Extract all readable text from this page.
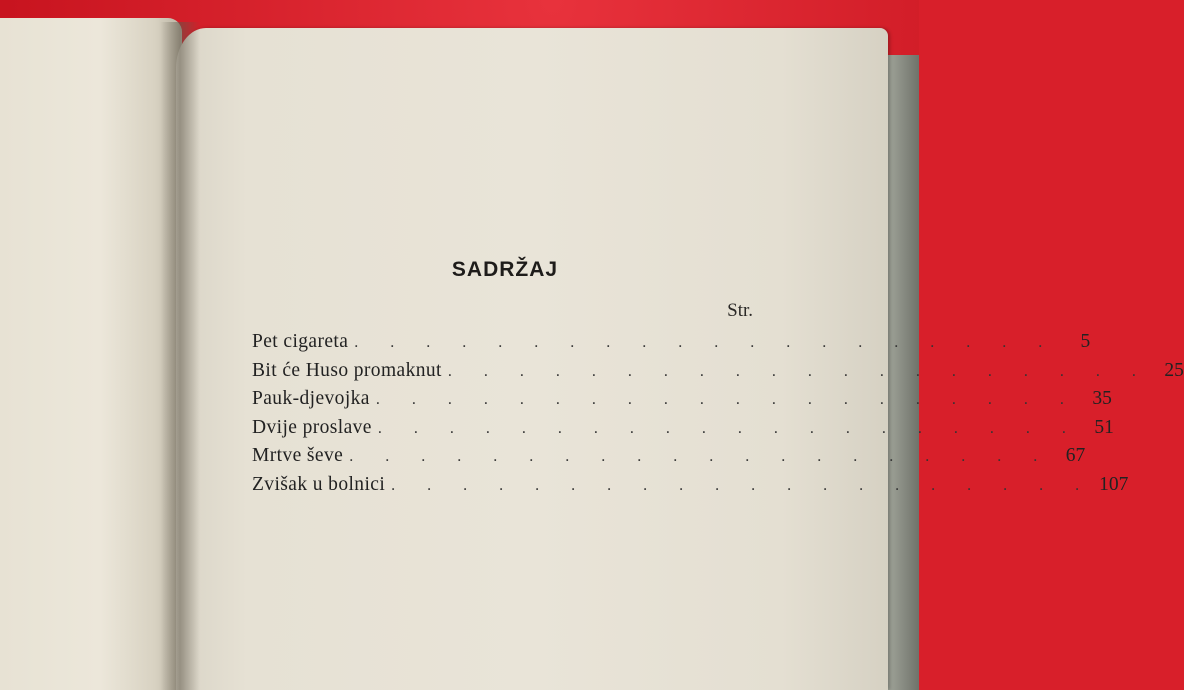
SADRŽAJ
Str.
Pet cigareta . . . . . . . . . . . . . . . . . . . .	5
Bit će Huso promaknut . . . . . . . . . . . . . . . . . . . . 25
Pauk-djevojka . . . . . . . . . . . . . . . . . . . . 35
Dvije proslave . . . . . . . . . . . . . . . . . . . . 51
Mrtve ševe . . . . . . . . . . . . . . . . . . . . 67
Zvišak u bolnici . . . . . . . . . . . . . . . . . . . . 107
